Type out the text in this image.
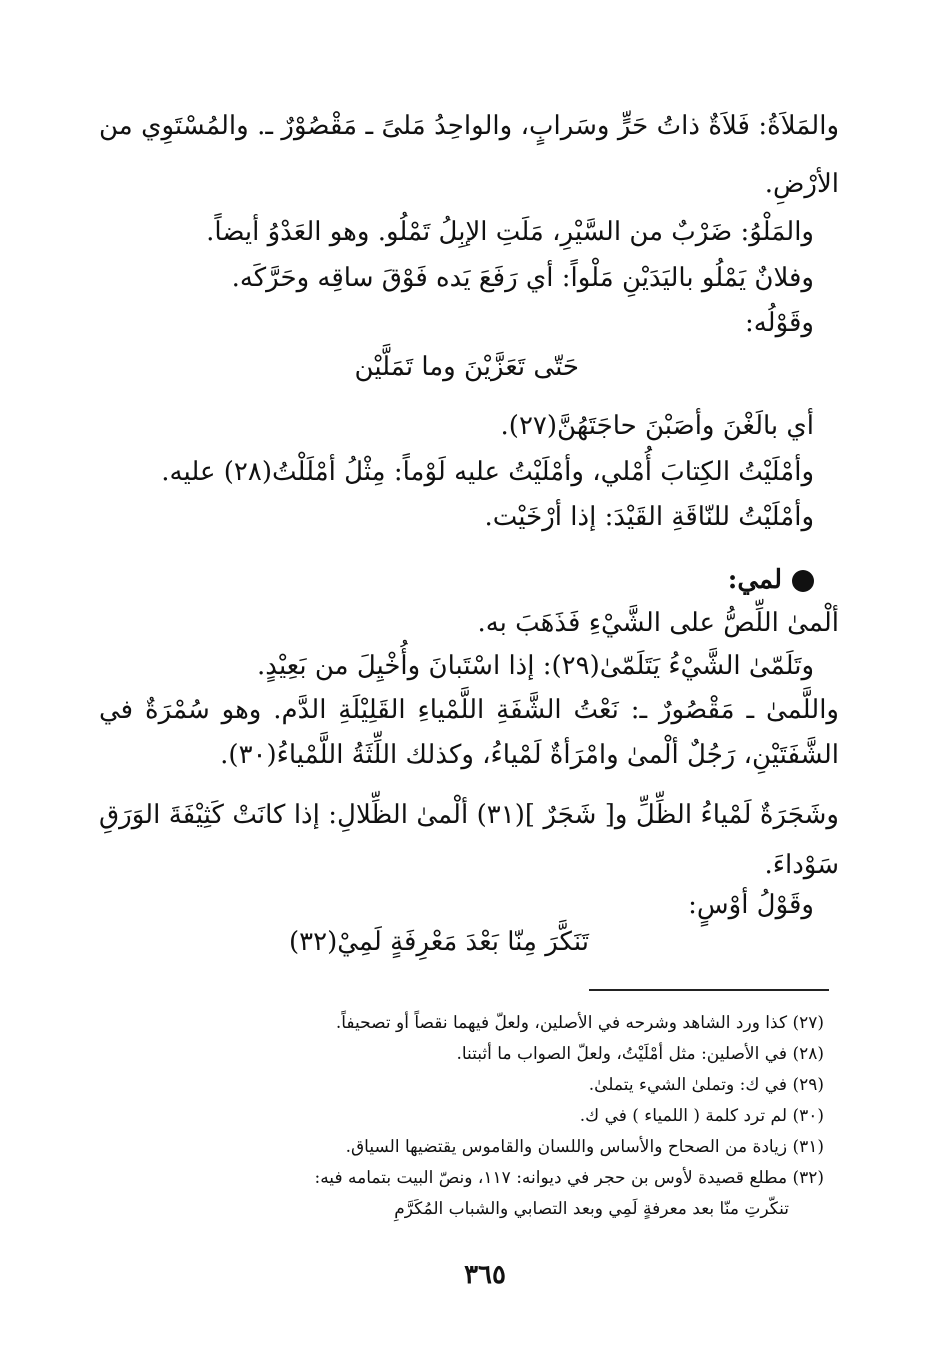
والمَلاَةُ: فَلاَةٌ ذاتُ حَرٍّ وسَرابٍ، والواحِدُ مَلىً ـ مَقْصُوْرٌ ـ. والمُسْتَوِي من
الأرْضِ.
والمَلْوُ: ضَرْبٌ من السَّيْرِ، مَلَتِ الإبِلُ تَمْلُو. وهو العَدْوُ أيضاً.
وفلانٌ يَمْلُو باليَدَيْنِ مَلْواً: أي رَفَعَ يَده فَوْقَ ساقِه وحَرَّكَه.
وقَوْلُه:
حَتّى تَعَزَّيْنَ وما تَمَلَّيْن
أي بالَغْنَ وأصَبْنَ حاجَتَهُنَّ(٢٧).
وأمْلَيْتُ الكِتابَ أُمْلي، وأمْلَيْتُ عليه لَوْماً: مِثْلُ أمْلَلْتُ(٢٨) عليه.
وأمْلَيْتُ للنّاقَةِ القَيْدَ: إذا أرْخَيْت.
لمي:
ألْمىٰ اللِّصُّ على الشَّيْءِ فَذَهَبَ به.
وتَلَمّىٰ الشَّيْءُ يَتَلَمّىٰ(٢٩): إذا اسْتَبانَ وأُخْيِلَ من بَعِيْدٍ.
واللَّمىٰ ـ مَقْصُورٌ ـ: نَعْتُ الشَّفَةِ اللَّمْياءِ القَلِيْلَةِ الدَّم. وهو سُمْرَةٌ في
الشَّفَتَيْنِ، رَجُلٌ ألْمىٰ وامْرَأةٌ لَمْياءُ، وكذلك اللِّثَةُ اللَّمْياءُ(٣٠).
وشَجَرَةٌ لَمْياءُ الظِّلِّ و[ شَجَرٌ ](٣١) ألْمىٰ الظِّلالِ: إذا كانَتْ كَثِيْفَةَ الوَرَقِ
سَوْداءَ.
وقَوْلُ أوْسٍ:
تَنَكَّرَ مِنّا بَعْدَ مَعْرِفَةٍ لَمِيْ(٣٢)
(٢٧) كذا ورد الشاهد وشرحه في الأصلين، ولعلّ فيهما نقصاً أو تصحيفاً.
(٢٨) في الأصلين: مثل أمْلَيْتُ، ولعلّ الصواب ما أثبتنا.
(٢٩) في ك: وتملىٰ الشيء يتملىٰ.
(٣٠) لم ترد كلمة ( اللمياء ) في ك.
(٣١) زيادة من الصحاح والأساس واللسان والقاموس يقتضيها السياق.
(٣٢) مطلع قصيدة لأوس بن حجر في ديوانه: ١١٧، ونصّ البيت بتمامه فيه:
تنكّرتِ منّا بعد معرفةٍ لَمِي وبعد التصابي والشباب المُكَرَّمِ
٣٦٥
